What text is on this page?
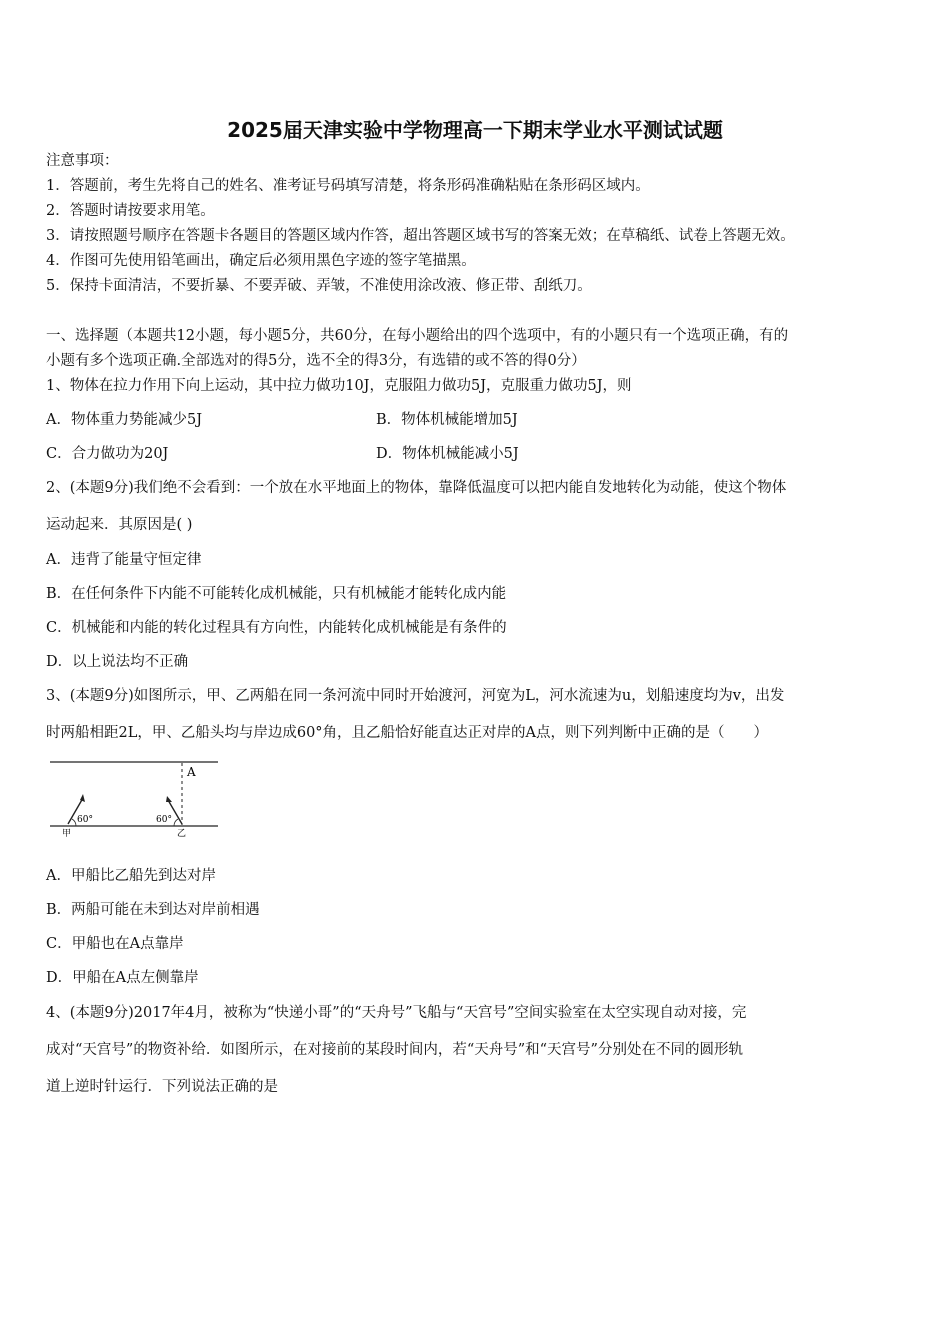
2025届天津实验中学物理高一下期末学业水平测试试题
注意事项：
1．答题前，考生先将自己的姓名、准考证号码填写清楚，将条形码准确粘贴在条形码区域内。
2．答题时请按要求用笔。
3．请按照题号顺序在答题卡各题目的答题区域内作答，超出答题区域书写的答案无效；在草稿纸、试卷上答题无效。
4．作图可先使用铅笔画出，确定后必须用黑色字迹的签字笔描黑。
5．保持卡面清洁，不要折暴、不要弄破、弄皱，不准使用涂改液、修正带、刮纸刀。
一、选择题（本题共12小题，每小题5分，共60分，在每小题给出的四个选项中，有的小题只有一个选项正确，有的
小题有多个选项正确.全部选对的得5分，选不全的得3分，有选错的或不答的得0分）
1、物体在拉力作用下向上运动，其中拉力做功10J，克服阻力做功5J，克服重力做功5J，则
A．物体重力势能减少5J	B．物体机械能增加5J
C．合力做功为20J	D．物体机械能减小5J
2、(本题9分)我们绝不会看到：一个放在水平地面上的物体，靠降低温度可以把内能自发地转化为动能，使这个物体
运动起来．其原因是( )
A．违背了能量守恒定律
B．在任何条件下内能不可能转化成机械能，只有机械能才能转化成内能
C．机械能和内能的转化过程具有方向性，内能转化成机械能是有条件的
D．以上说法均不正确
3、(本题9分)如图所示，甲、乙两船在同一条河流中同时开始渡河，河宽为L，河水流速为u，划船速度均为v，出发
时两船相距2L，甲、乙船头均与岸边成60°角，且乙船恰好能直达正对岸的A点，则下列判断中正确的是（　　）
A
60°
甲
60°
乙
A．甲船比乙船先到达对岸
B．两船可能在未到达对岸前相遇
C．甲船也在A点靠岸
D．甲船在A点左侧靠岸
4、(本题9分)2017年4月，被称为“快递小哥”的“天舟号”飞船与“天宫号”空间实验室在太空实现自动对接，完
成对“天宫号”的物资补给．如图所示，在对接前的某段时间内，若“天舟号”和“天宫号”分别处在不同的圆形轨
道上逆时针运行．下列说法正确的是
